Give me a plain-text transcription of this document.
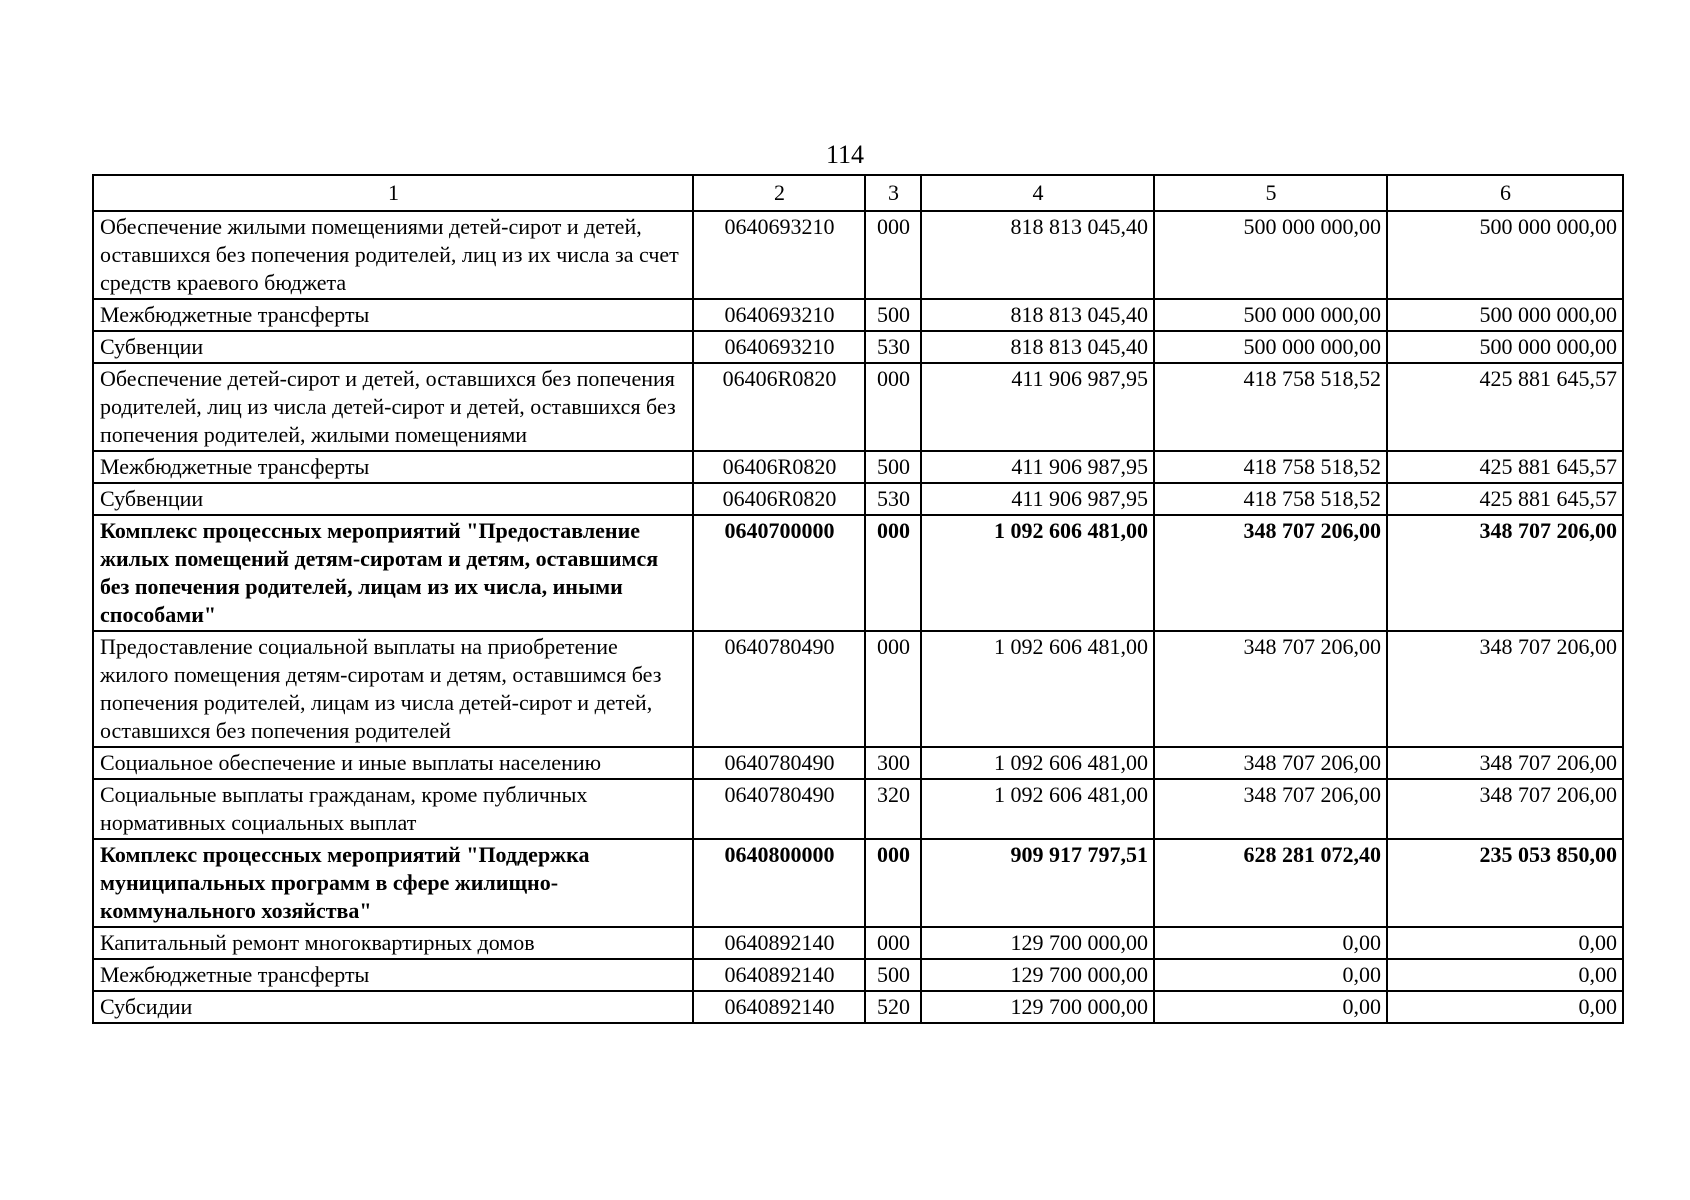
114
1	2	3	4	5	6
Обеспечение жилыми помещениями детей-сирот и детей, оставшихся без попечения родителей, лиц из их числа за счет средств краевого бюджета	0640693210	000	818 813 045,40	500 000 000,00	500 000 000,00
Межбюджетные трансферты	0640693210	500	818 813 045,40	500 000 000,00	500 000 000,00
Субвенции	0640693210	530	818 813 045,40	500 000 000,00	500 000 000,00
Обеспечение детей-сирот и детей, оставшихся без попечения родителей, лиц из числа детей-сирот и детей, оставшихся без попечения родителей, жилыми помещениями	06406R0820	000	411 906 987,95	418 758 518,52	425 881 645,57
Межбюджетные трансферты	06406R0820	500	411 906 987,95	418 758 518,52	425 881 645,57
Субвенции	06406R0820	530	411 906 987,95	418 758 518,52	425 881 645,57
Комплекс процессных мероприятий "Предоставление жилых помещений детям-сиротам и детям, оставшимся без попечения родителей, лицам из их числа, иными способами"	0640700000	000	1 092 606 481,00	348 707 206,00	348 707 206,00
Предоставление социальной выплаты на приобретение жилого помещения детям-сиротам и детям, оставшимся без попечения родителей, лицам из числа детей-сирот и детей, оставшихся без попечения родителей	0640780490	000	1 092 606 481,00	348 707 206,00	348 707 206,00
Социальное обеспечение и иные выплаты населению	0640780490	300	1 092 606 481,00	348 707 206,00	348 707 206,00
Социальные выплаты гражданам, кроме публичных нормативных социальных выплат	0640780490	320	1 092 606 481,00	348 707 206,00	348 707 206,00
Комплекс процессных мероприятий "Поддержка муниципальных программ в сфере жилищно-коммунального хозяйства"	0640800000	000	909 917 797,51	628 281 072,40	235 053 850,00
Капитальный ремонт многоквартирных домов	0640892140	000	129 700 000,00	0,00	0,00
Межбюджетные трансферты	0640892140	500	129 700 000,00	0,00	0,00
Субсидии	0640892140	520	129 700 000,00	0,00	0,00
